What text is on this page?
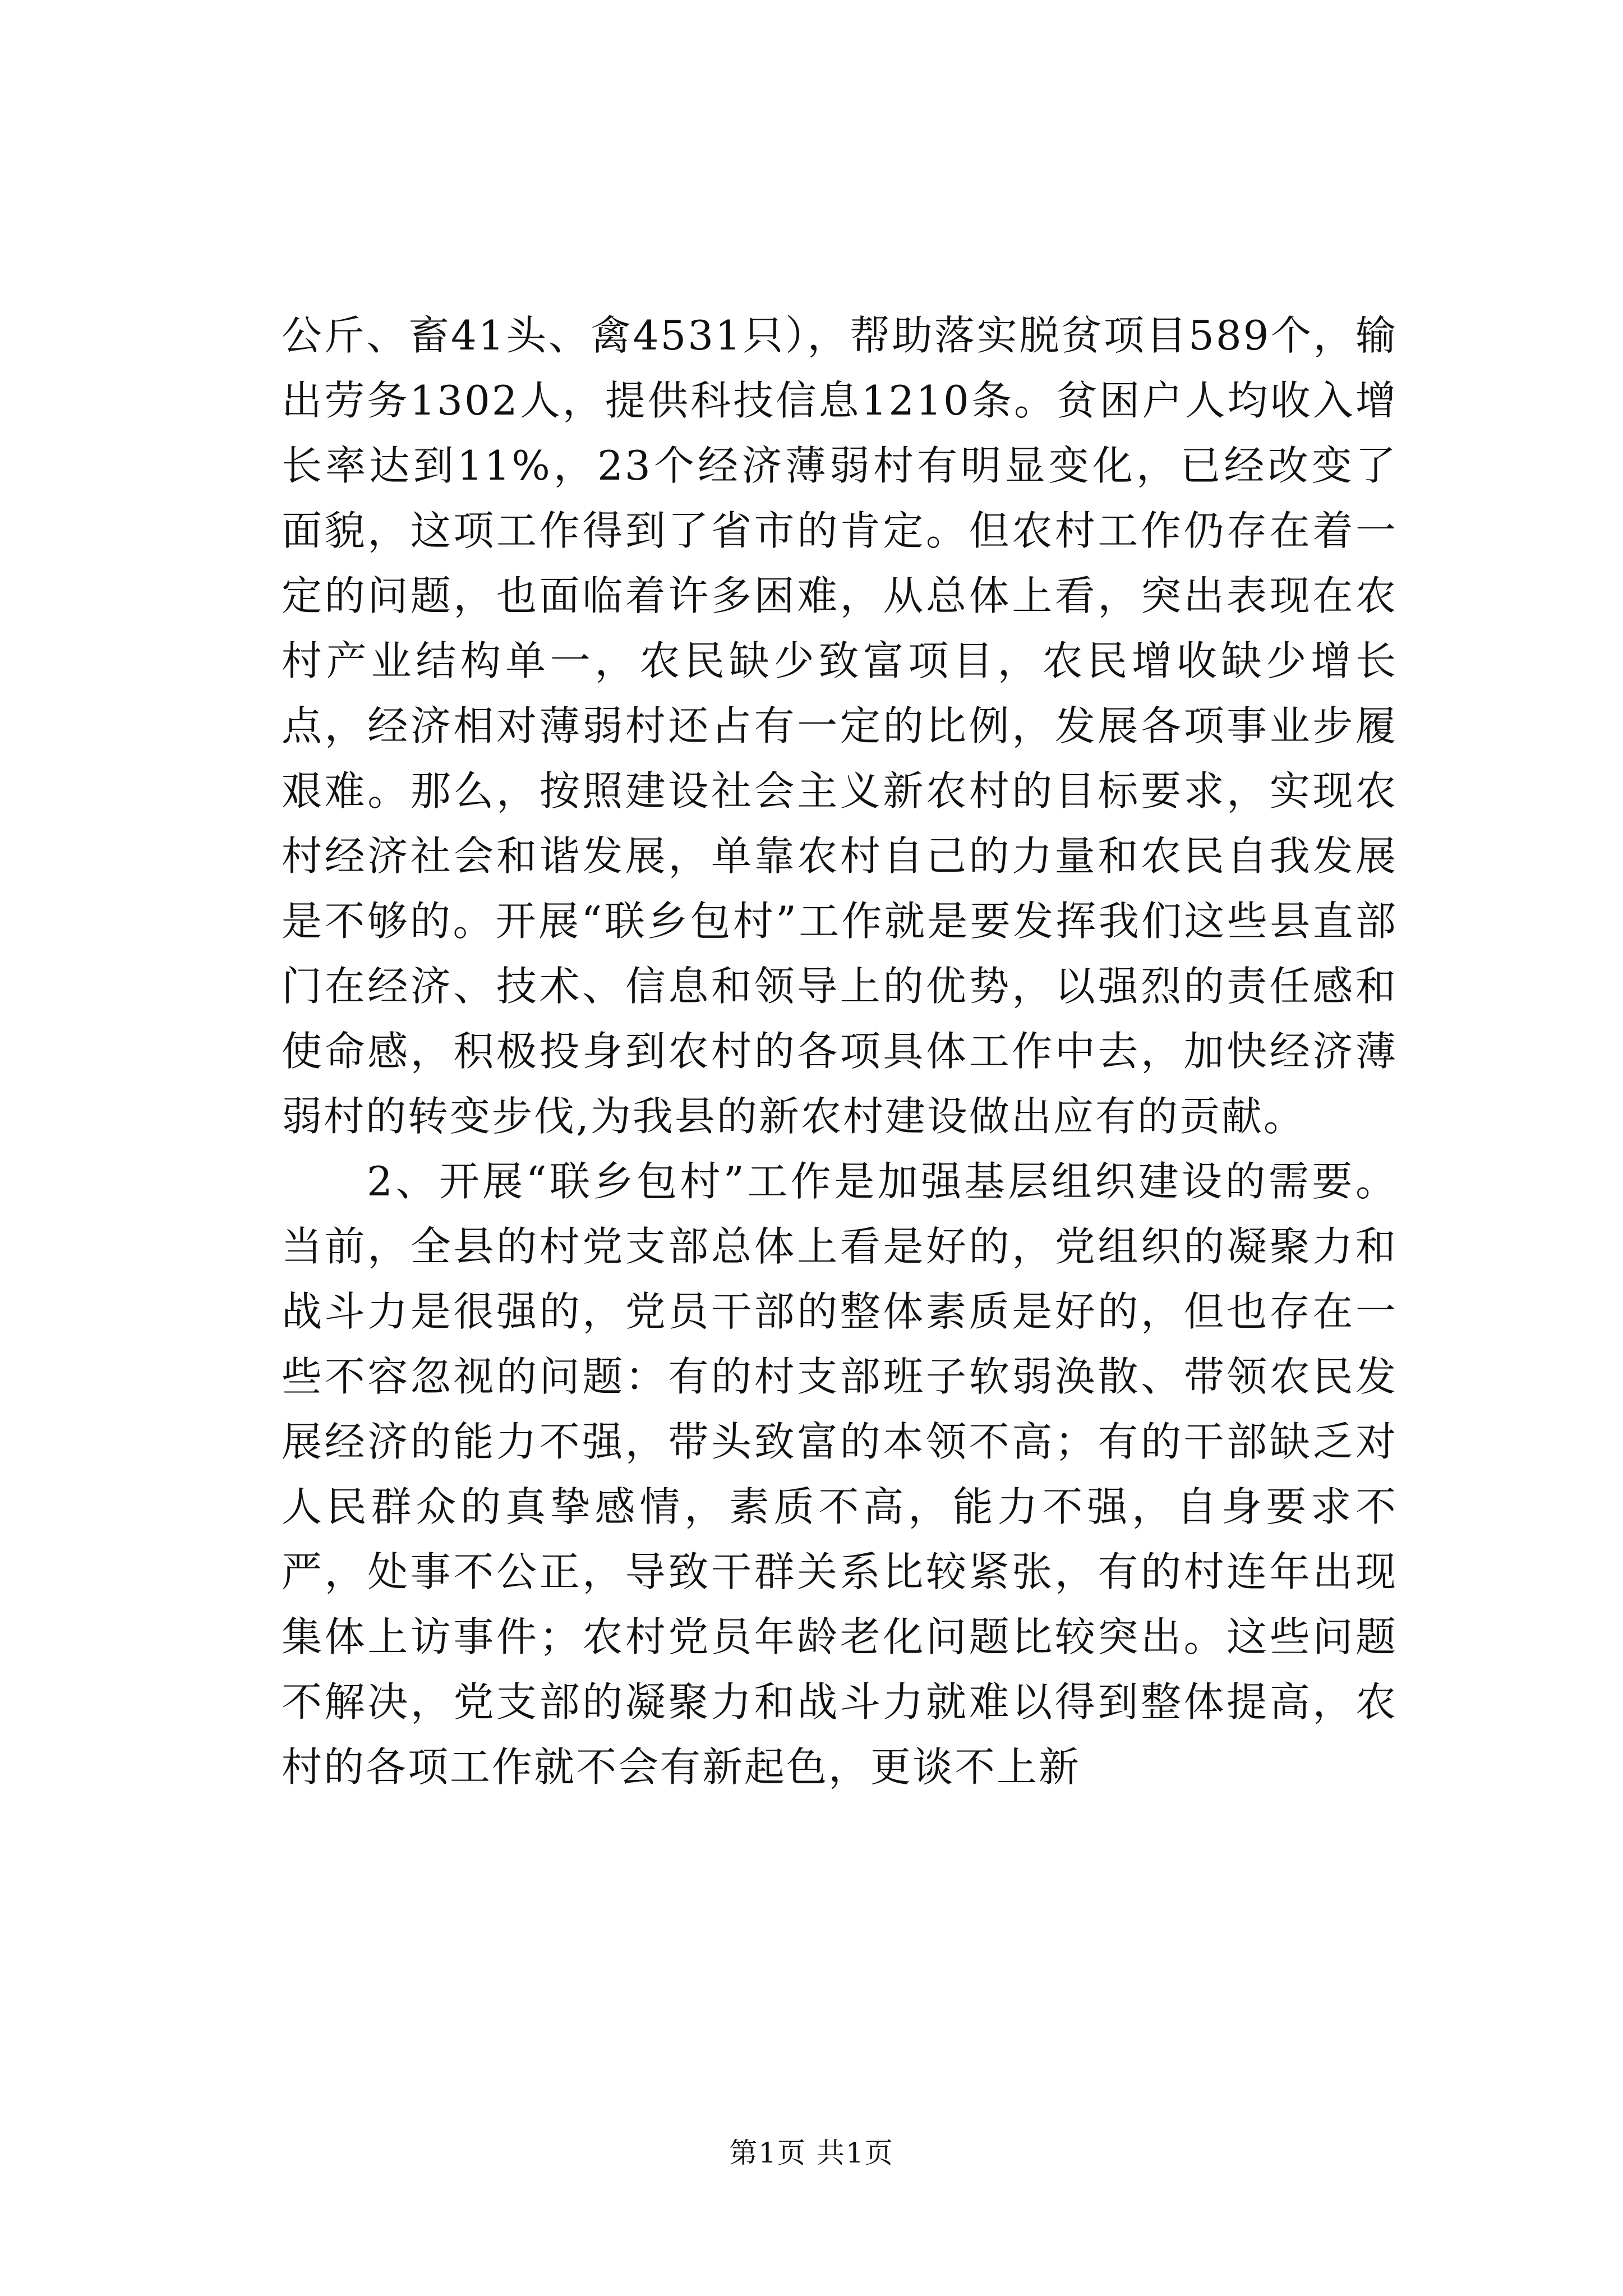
公斤、畜41头、禽4531只），帮助落实脱贫项目589个，输出劳务1302人，提供科技信息1210条。贫困户人均收入增长率达到11%，23个经济薄弱村有明显变化，已经改变了面貌，这项工作得到了省市的肯定。但农村工作仍存在着一定的问题，也面临着许多困难，从总体上看，突出表现在农村产业结构单一，农民缺少致富项目，农民增收缺少增长点，经济相对薄弱村还占有一定的比例，发展各项事业步履艰难。那么，按照建设社会主义新农村的目标要求，实现农村经济社会和谐发展，单靠农村自己的力量和农民自我发展是不够的。开展“联乡包村”工作就是要发挥我们这些县直部门在经济、技术、信息和领导上的优势，以强烈的责任感和使命感，积极投身到农村的各项具体工作中去，加快经济薄弱村的转变步伐,为我县的新农村建设做出应有的贡献。

2、开展“联乡包村”工作是加强基层组织建设的需要。当前，全县的村党支部总体上看是好的，党组织的凝聚力和战斗力是很强的，党员干部的整体素质是好的，但也存在一些不容忽视的问题：有的村支部班子软弱涣散、带领农民发展经济的能力不强，带头致富的本领不高；有的干部缺乏对人民群众的真挚感情，素质不高，能力不强，自身要求不严，处事不公正，导致干群关系比较紧张，有的村连年出现集体上访事件；农村党员年龄老化问题比较突出。这些问题不解决，党支部的凝聚力和战斗力就难以得到整体提高，农村的各项工作就不会有新起色，更谈不上新

第1页 共1页
